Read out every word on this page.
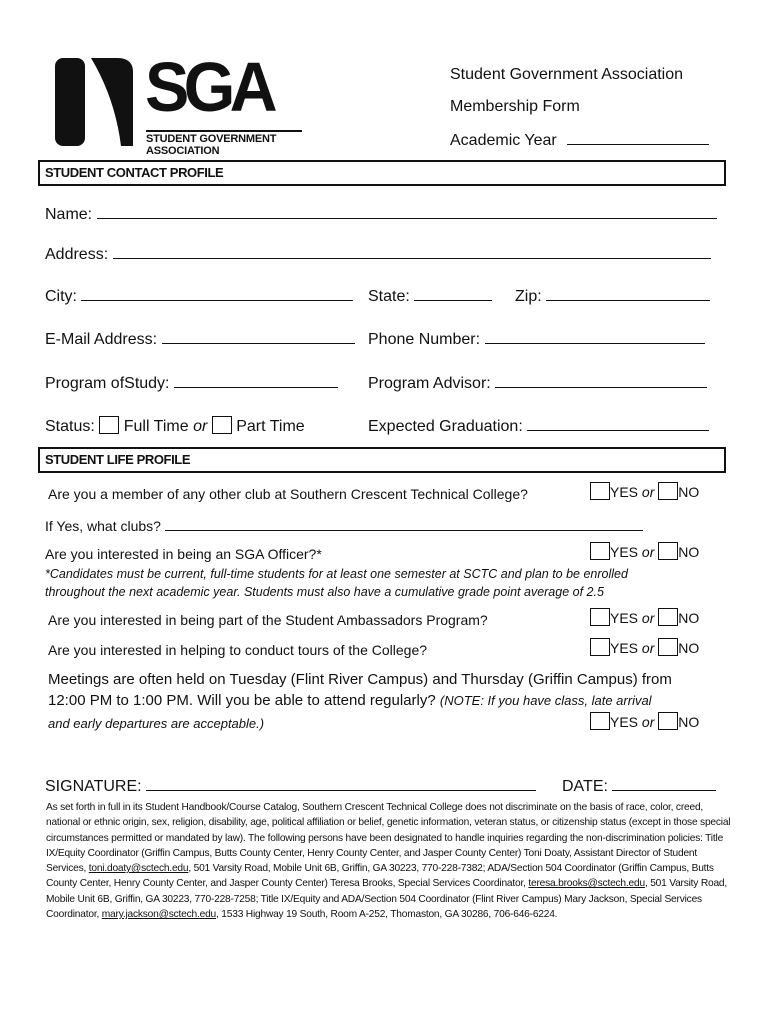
SGA
STUDENT GOVERNMENT ASSOCIATION
Student Government Association
Membership Form
Academic Year
STUDENT CONTACT PROFILE
Name:
Address:
City:	State:	Zip:
E-Mail Address:	Phone Number:
Program ofStudy:	Program Advisor:
Status: Full Time or Part Time	Expected Graduation:
STUDENT LIFE PROFILE
Are you a member of any other club at Southern Crescent Technical College?	YES or NO
If Yes, what clubs?
Are you interested in being an SGA Officer?*	YES or NO
*Candidates must be current, full-time students for at least one semester at SCTC and plan to be enrolled
throughout the next academic year. Students must also have a cumulative grade point average of 2.5
Are you interested in being part of the Student Ambassadors Program?	YES or NO
Are you interested in helping to conduct tours of the College?	YES or NO
Meetings are often held on Tuesday (Flint River Campus) and Thursday (Griffin Campus) from
12:00 PM to 1:00 PM. Will you be able to attend regularly? (NOTE: If you have class, late arrival
and early departures are acceptable.)	YES or NO
SIGNATURE:	DATE:
As set forth in full in its Student Handbook/Course Catalog, Southern Crescent Technical College does not discriminate on the basis of race, color, creed, national or ethnic origin, sex, religion, disability, age, political affiliation or belief, genetic information, veteran status, or citizenship status (except in those special circumstances permitted or mandated by law). The following persons have been designated to handle inquiries regarding the non-discrimination policies: Title IX/Equity Coordinator (Griffin Campus, Butts County Center, Henry County Center, and Jasper County Center) Toni Doaty, Assistant Director of Student Services, toni.doaty@sctech.edu, 501 Varsity Road, Mobile Unit 6B, Griffin, GA 30223, 770-228-7382; ADA/Section 504 Coordinator (Griffin Campus, Butts County Center, Henry County Center, and Jasper County Center) Teresa Brooks, Special Services Coordinator, teresa.brooks@sctech.edu, 501 Varsity Road, Mobile Unit 6B, Griffin, GA 30223, 770-228-7258; Title IX/Equity and ADA/Section 504 Coordinator (Flint River Campus) Mary Jackson, Special Services Coordinator, mary.jackson@sctech.edu, 1533 Highway 19 South, Room A-252, Thomaston, GA 30286, 706-646-6224.
